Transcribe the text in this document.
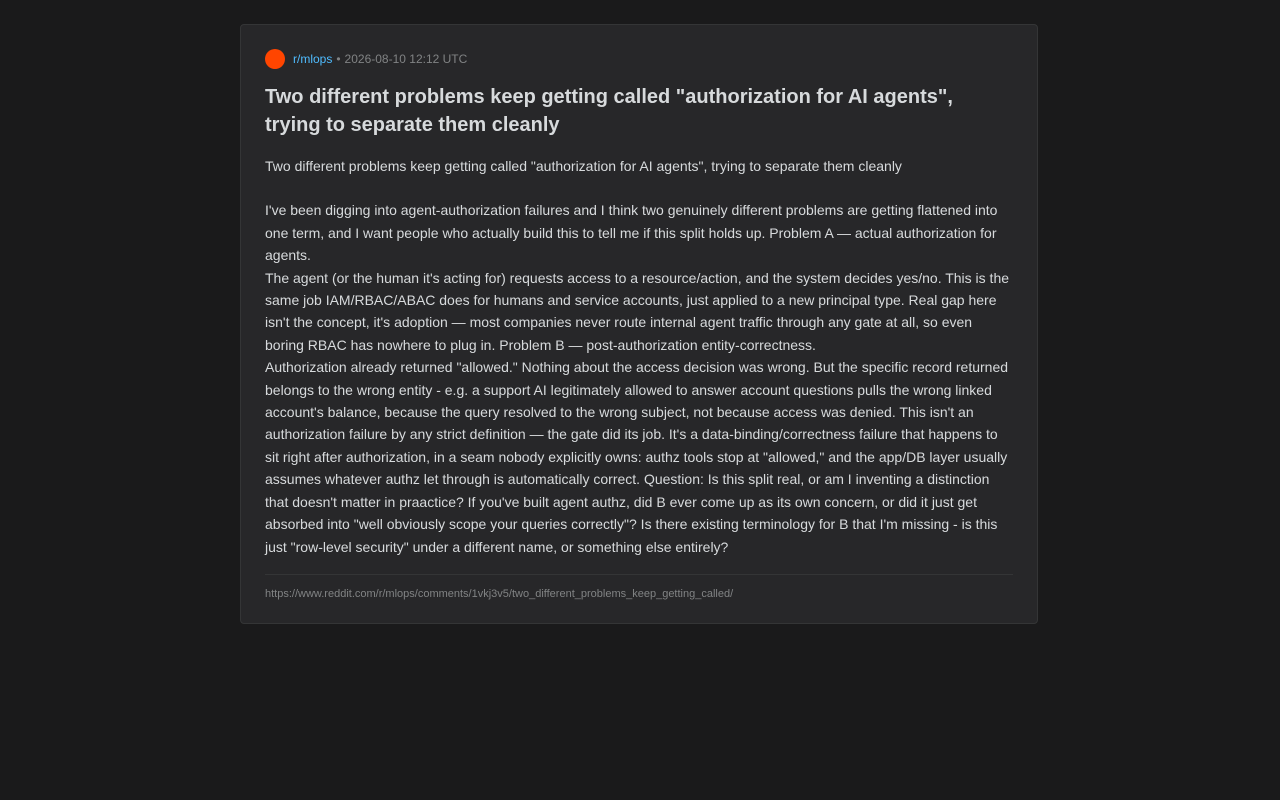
r/mlops • 2026-08-10 12:12 UTC
Two different problems keep getting called "authorization for AI agents", trying to separate them cleanly

Two different problems keep getting called "authorization for AI agents", trying to separate them cleanly

I've been digging into agent-authorization failures and I think two genuinely different problems are getting flattened into one term, and I want people who actually build this to tell me if this split holds up. Problem A — actual authorization for agents.

The agent (or the human it's acting for) requests access to a resource/action, and the system decides yes/no. This is the same job IAM/RBAC/ABAC does for humans and service accounts, just applied to a new principal type. Real gap here isn't the concept, it's adoption — most companies never route internal agent traffic through any gate at all, so even boring RBAC has nowhere to plug in. Problem B — post-authorization entity-correctness.

Authorization already returned "allowed." Nothing about the access decision was wrong. But the specific record returned belongs to the wrong entity - e.g. a support AI legitimately allowed to answer account questions pulls the wrong linked account's balance, because the query resolved to the wrong subject, not because access was denied. This isn't an authorization failure by any strict definition — the gate did its job. It's a data-binding/correctness failure that happens to sit right after authorization, in a seam nobody explicitly owns: authz tools stop at "allowed," and the app/DB layer usually assumes whatever authz let through is automatically correct. Question: Is this split real, or am I inventing a distinction that doesn't matter in praactice? If you've built agent authz, did B ever come up as its own concern, or did it just get absorbed into "well obviously scope your queries correctly"? Is there existing terminology for B that I'm missing - is this just "row-level security" under a different name, or something else entirely?

https://www.reddit.com/r/mlops/comments/1vkj3v5/two_different_problems_keep_getting_called/
